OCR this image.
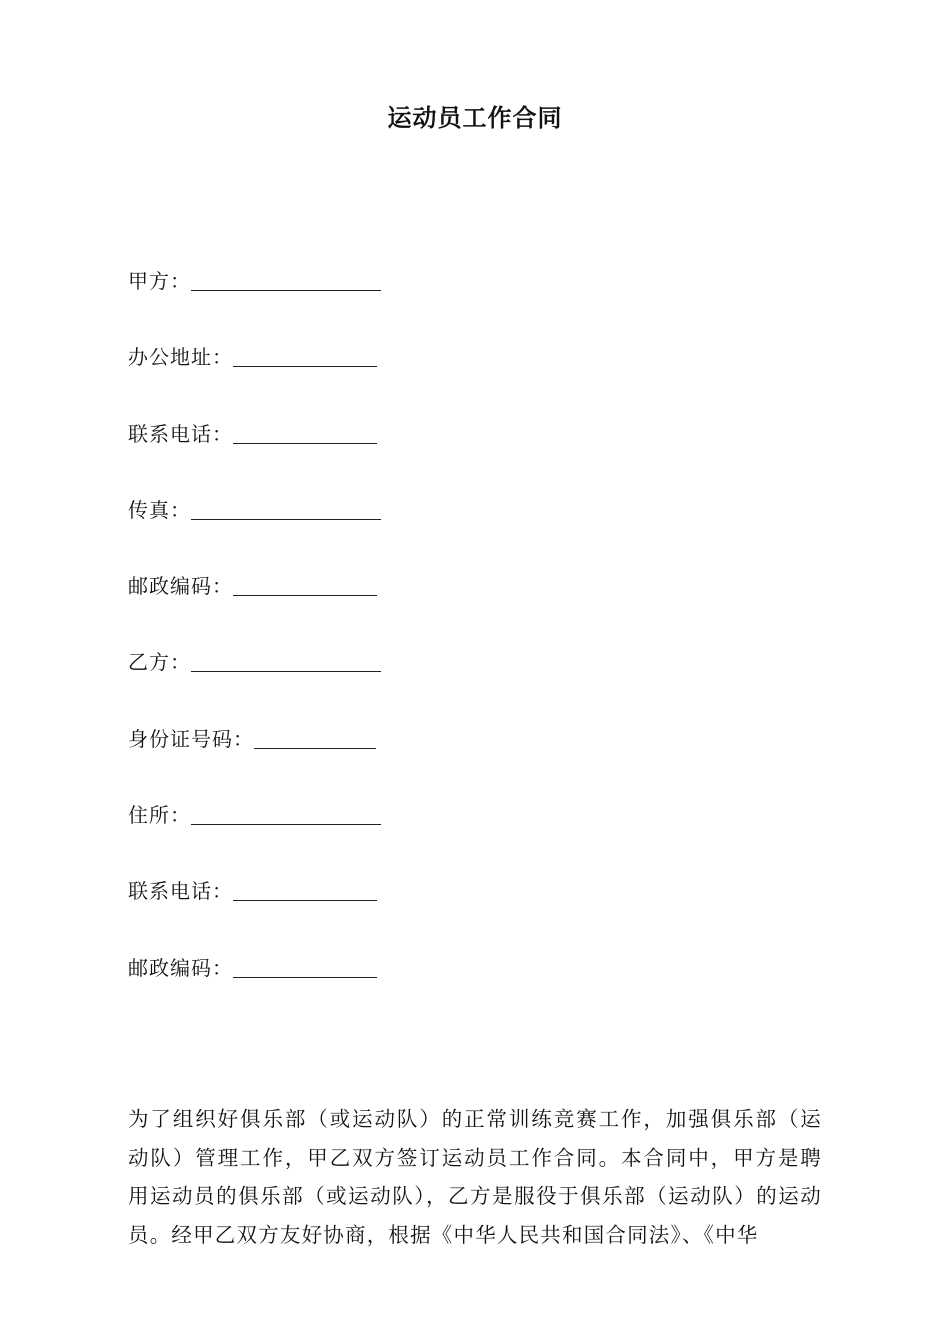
运动员工作合同
甲方：
办公地址：
联系电话：
传真：
邮政编码：
乙方：
身份证号码：
住所：
联系电话：
邮政编码：

为了组织好俱乐部（或运动队）的正常训练竞赛工作，加强俱乐部（运动队）管理工作，甲乙双方签订运动员工作合同。本合同中，甲方是聘用运动员的俱乐部（或运动队），乙方是服役于俱乐部（运动队）的运动员。经甲乙双方友好协商，根据《中华人民共和国合同法》、《中华
